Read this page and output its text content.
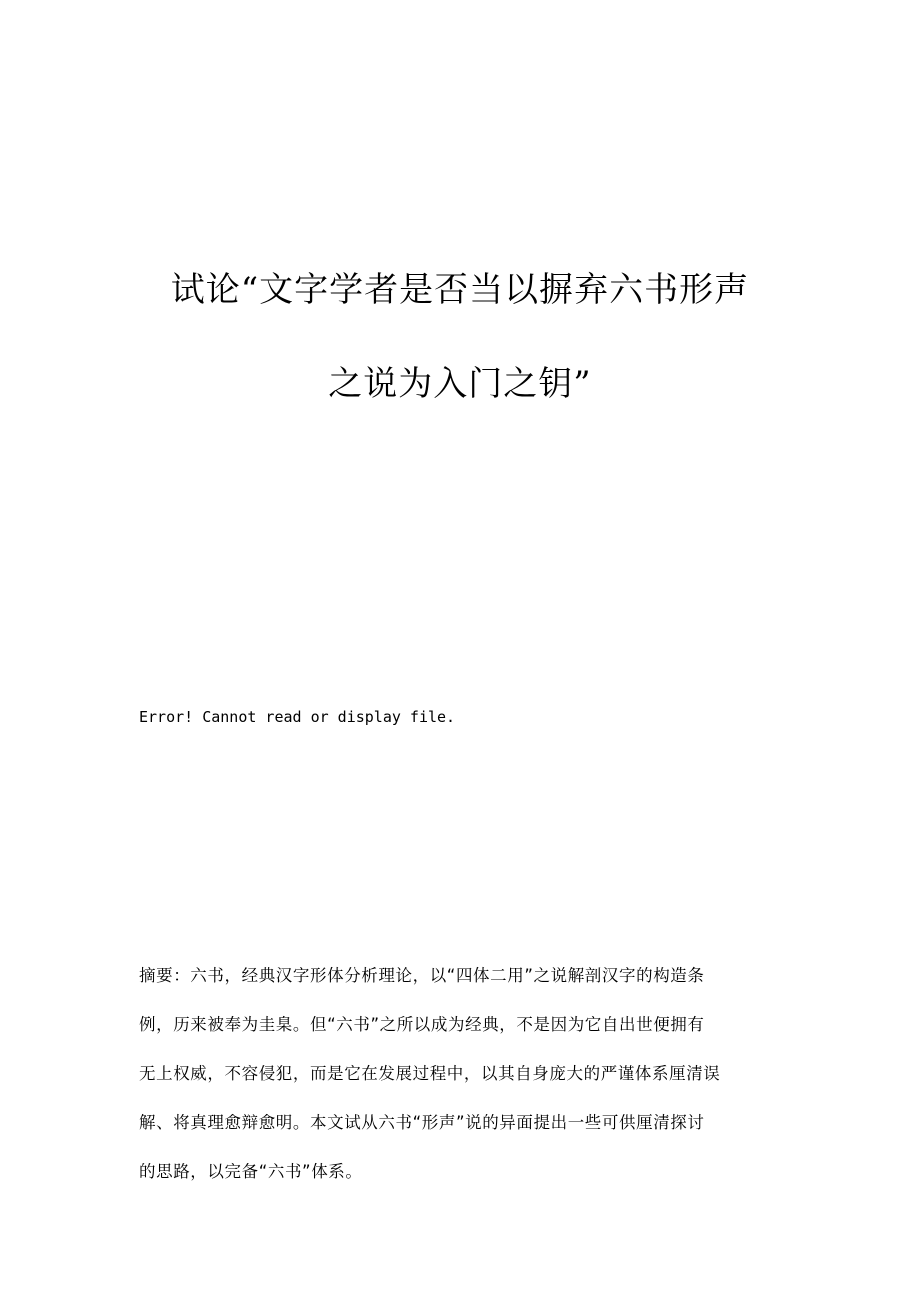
试论“文字学者是否当以摒弃六书形声
之说为入门之钥”
Error! Cannot read or display file.
摘要：六书，经典汉字形体分析理论，以“四体二用”之说解剖汉字的构造条
例，历来被奉为圭臬。但“六书”之所以成为经典，不是因为它自出世便拥有
无上权威，不容侵犯，而是它在发展过程中，以其自身庞大的严谨体系厘清误
解、将真理愈辩愈明。本文试从六书“形声”说的异面提出一些可供厘清探讨
的思路，以完备“六书”体系。
